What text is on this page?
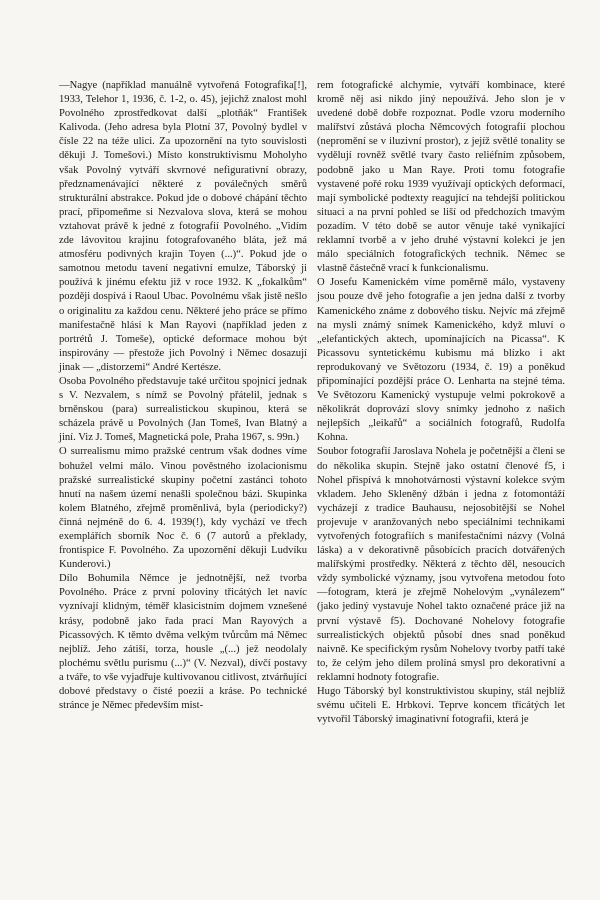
—Nagye (například manuálně vytvořená Fotografika[!], 1933, Telehor 1, 1936, č. 1-2, o. 45), jejichž znalost mohl Povolného zprostředkovat další „plotňák“ František Kalivoda. (Jeho adresa byla Plotní 37, Povolný bydlel v čísle 22 na téže ulici. Za upozornění na tyto souvislosti děkuji J. Tomešovi.) Místo konstruktivismu Moholyho však Povolný vytváří skvrnové nefigurativní obrazy, předznamenávající některé z poválečných směrů strukturální abstrakce. Pokud jde o dobové chápání těchto prací, připomeňme si Nezvalova slova, která se mohou vztahovat právě k jedné z fotografií Povolného. „Vidím zde lávovitou krajinu fotografovaného bláta, jež má atmosféru podivných krajin Toyen (...)“. Pokud jde o samotnou metodu tavení negativní emulze, Táborský ji používá k jinému efektu již v roce 1932. K „fokalkům“ později dospívá i Raoul Ubac. Povolnému však jistě nešlo o originalitu za každou cenu. Některé jeho práce se přímo manifestačně hlásí k Man Rayovi (například jeden z portrétů J. Tomeše), optické deformace mohou být inspirovány — přestože jich Povolný i Němec dosazují jinak — „distorzemi“ André Kertésze.

Osoba Povolného představuje také určitou spojnicí jednak s V. Nezvalem, s nímž se Povolný přátelil, jednak s brněnskou (para) surrealistickou skupinou, která se scházela právě u Povolných (Jan Tomeš, Ivan Blatný a jiní. Viz J. Tomeš, Magnetická pole, Praha 1967, s. 99n.)

O surrealismu mimo pražské centrum však dodnes víme bohužel velmi málo. Vinou pověstného izolacionismu pražské surrealistické skupiny početní zastánci tohoto hnutí na našem území nenašli společnou bázi. Skupinka kolem Blatného, zřejmě proměnlivá, byla (periodicky?) činná nejméně do 6. 4. 1939(!), kdy vychází ve třech exemplářích sborník Noc č. 6 (7 autorů a překlady, frontispice F. Povolného. Za upozornění děkuji Ludvíku Kunderovi.)

Dílo Bohumila Němce je jednotnější, než tvorba Povolného. Práce z první poloviny třicátých let navíc vyznívají klidným, téměř klasicistním dojmem vznešené krásy, podobně jako řada prací Man Rayových a Picassových. K těmto dvěma velkým tvůrcům má Němec nejblíž. Jeho zátiší, torza, housle „(...) jež neodolaly plochému světlu purismu (...)“ (V. Nezval), dívčí postavy a tváře, to vše vyjadřuje kultivovanou citlivost, ztvárňující dobové představy o čisté poezii a kráse. Po technické stránce je Němec především mist-

rem fotografické alchymie, vytváří kombinace, které kromě něj asi nikdo jiný nepoužívá. Jeho slon je v uvedené době dobře rozpoznat. Podle vzoru moderního malířství zůstává plocha Němcových fotografií plochou (nepromění se v iluzivní prostor), z jejíž světlé tonality se vydělují rovněž světlé tvary často reliéfním způsobem, podobně jako u Man Raye. Proti tomu fotografie vystavené pořé roku 1939 využívají optických deformací, mají symbolické podtexty reagující na tehdejší politickou situaci a na první pohled se liší od předchozích tmavým pozadím. V této době se autor věnuje také vynikající reklamní tvorbě a v jeho druhé výstavní kolekci je jen málo speciálních fotografických technik. Němec se vlastně částečně vrací k funkcionalismu.

O Josefu Kamenickém víme poměrně málo, vystaveny jsou pouze dvě jeho fotografie a jen jedna další z tvorby Kamenického známe z dobového tisku. Nejvíc má zřejmě na mysli známý snímek Kamenického, když mluví o „elefantických aktech, upomínajících na Picassa“. K Picassovu syntetickému kubismu má blízko i akt reprodukovaný ve Světozoru (1934, č. 19) a poněkud připomínající pozdější práce O. Lenharta na stejné téma. Ve Světozoru Kamenický vystupuje velmi pokrokově a několikrát doprovází slovy snímky jednoho z našich nejlepších „leikařů“ a sociálních fotografů, Rudolfa Kohna.

Soubor fotografií Jaroslava Nohela je početnější a členi se do několika skupin. Stejně jako ostatní členové f5, i Nohel přispívá k mnohotvárnosti výstavní kolekce svým vkladem. Jeho Skleněný džbán i jedna z fotomontáží vycházejí z tradice Bauhausu, nejosobitější se Nohel projevuje v aranžovaných nebo speciálními technikami vytvořených fotografiích s manifestačními názvy (Volná láska) a v dekorativně působících pracích dotvářených malířskými prostředky. Některá z těchto děl, nesoucích vždy symbolické významy, jsou vytvořena metodou foto—fotogram, která je zřejmě Nohelovým „vynálezem“ (jako jediný vystavuje Nohel takto označené práce již na první výstavě f5). Dochované Nohelovy fotografie surrealistických objektů působí dnes snad poněkud naivně. Ke specifickým rysům Nohelovy tvorby patří také to, že celým jeho dílem prolíná smysl pro dekorativní a reklamní hodnoty fotografie.

Hugo Táborský byl konstruktivistou skupiny, stál nejblíž svému učiteli E. Hrbkovi. Teprve koncem třicátých let vytvořil Táborský imaginativní fotografii, která je
